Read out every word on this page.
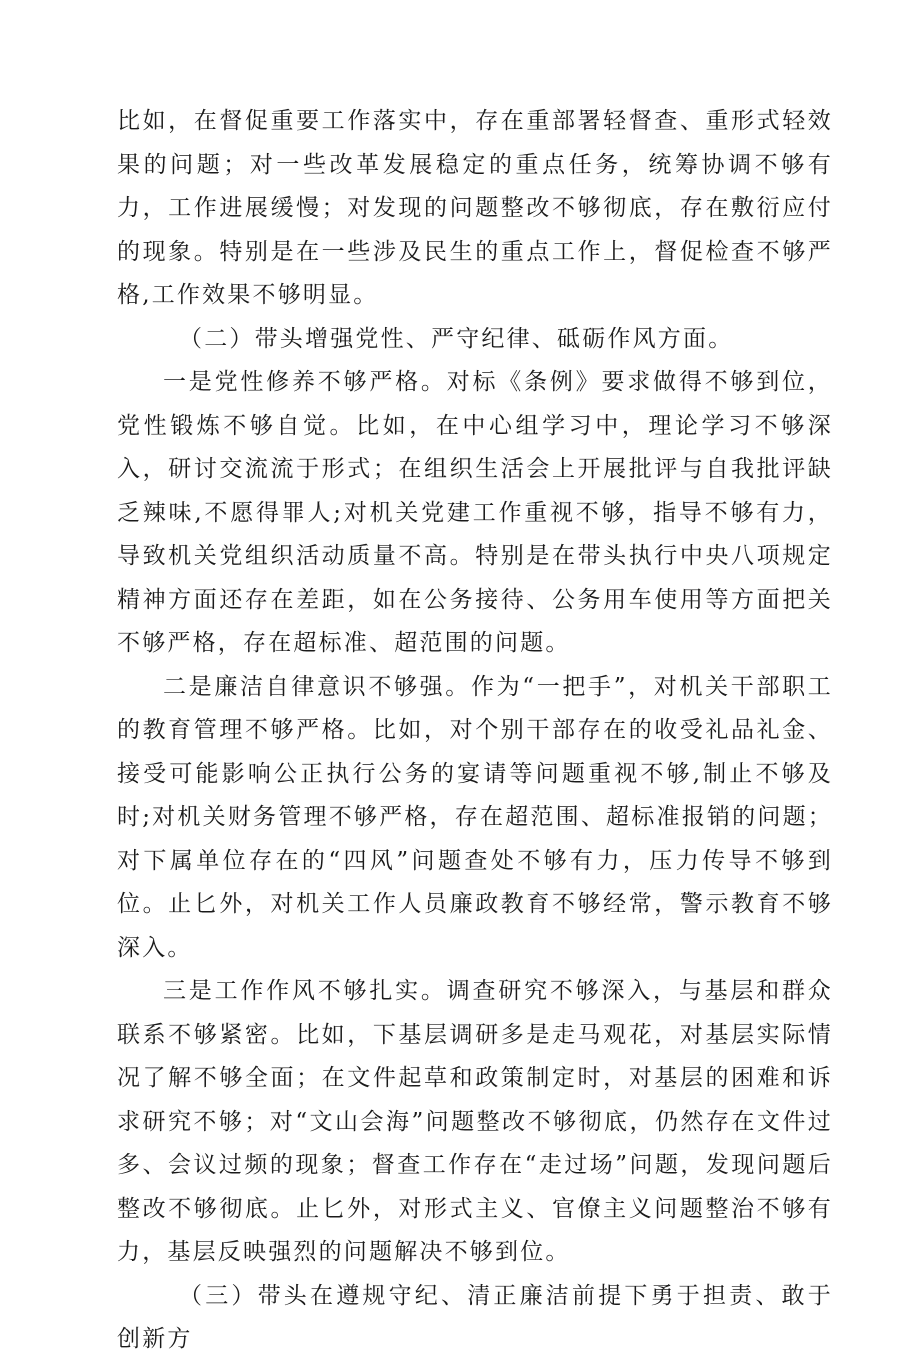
比如，在督促重要工作落实中，存在重部署轻督查、重形式轻效果的问题；对一些改革发展稳定的重点任务，统筹协调不够有力，工作进展缓慢；对发现的问题整改不够彻底，存在敷衍应付的现象。特别是在一些涉及民生的重点工作上，督促检查不够严格,工作效果不够明显。

（二）带头增强党性、严守纪律、砥砺作风方面。

一是党性修养不够严格。对标《条例》要求做得不够到位，党性锻炼不够自觉。比如，在中心组学习中，理论学习不够深入，研讨交流流于形式；在组织生活会上开展批评与自我批评缺乏辣味,不愿得罪人;对机关党建工作重视不够，指导不够有力，导致机关党组织活动质量不高。特别是在带头执行中央八项规定精神方面还存在差距，如在公务接待、公务用车使用等方面把关不够严格，存在超标准、超范围的问题。

二是廉洁自律意识不够强。作为“一把手”，对机关干部职工的教育管理不够严格。比如，对个别干部存在的收受礼品礼金、接受可能影响公正执行公务的宴请等问题重视不够,制止不够及时;对机关财务管理不够严格，存在超范围、超标准报销的问题；对下属单位存在的“四风”问题查处不够有力，压力传导不够到位。止匕外，对机关工作人员廉政教育不够经常，警示教育不够深入。

三是工作作风不够扎实。调查研究不够深入，与基层和群众联系不够紧密。比如，下基层调研多是走马观花，对基层实际情况了解不够全面；在文件起草和政策制定时，对基层的困难和诉求研究不够；对“文山会海”问题整改不够彻底，仍然存在文件过多、会议过频的现象；督查工作存在“走过场”问题，发现问题后整改不够彻底。止匕外，对形式主义、官僚主义问题整治不够有力，基层反映强烈的问题解决不够到位。

（三）带头在遵规守纪、清正廉洁前提下勇于担责、敢于创新方
